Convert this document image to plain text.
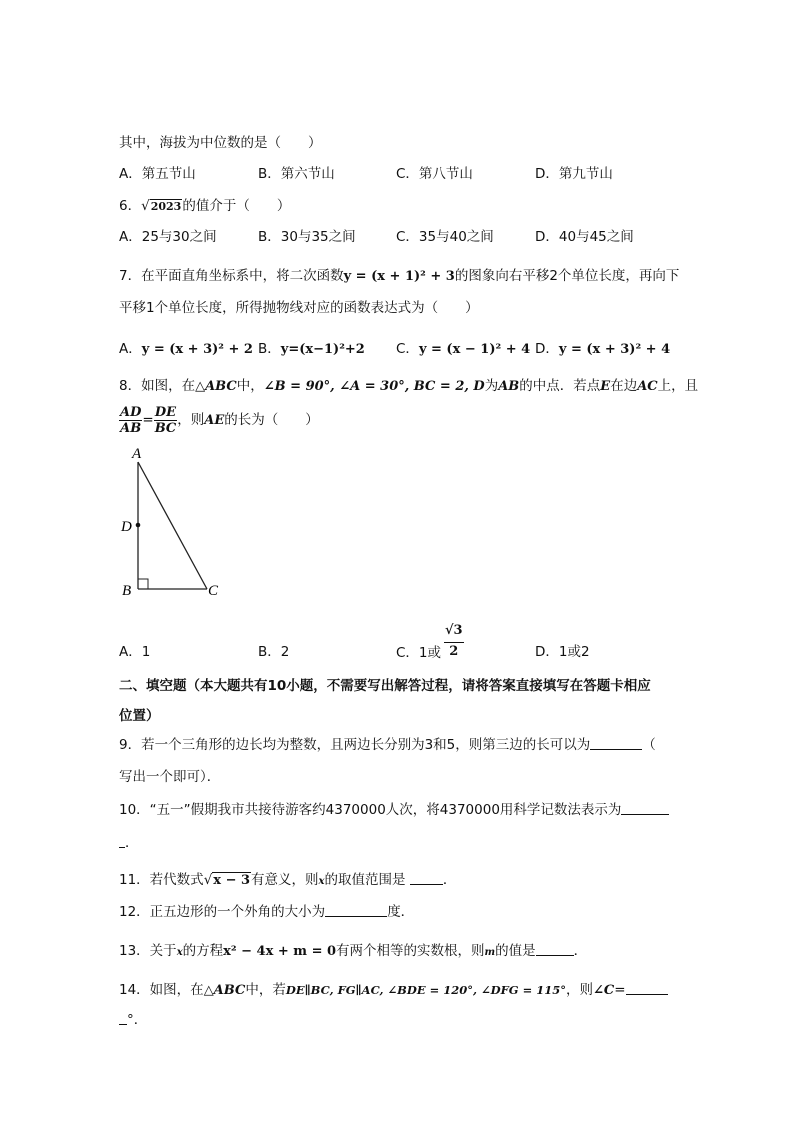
其中，海拔为中位数的是（　　）
A．第五节山	B．第六节山	C．第八节山	D．第九节山
6．√2023的值介于（　　）
A．25与30之间	B．30与35之间	C．35与40之间	D．40与45之间
7．在平面直角坐标系中，将二次函数y = (x + 1)² + 3的图象向右平移2个单位长度，再向下
平移1个单位长度，所得抛物线对应的函数表达式为（　　）
A．y = (x + 3)² + 2 B．y=(x−1)²+2 C．y = (x − 1)² + 4 D．y = (x + 3)² + 4
8．如图，在△ABC中，∠B = 90°, ∠A = 30°, BC = 2, D为AB的中点．若点E在边AC上，且
$\frac{AD}{AB} = \frac{DE}{BC}$ ，则AE的长为（　　）
A
D
B	C
A．1	B．2	C．1或 $\frac{√3}{2}$	D．1或2
二、填空题（本大题共有10小题，不需要写出解答过程，请将答案直接填写在答题卡相应
位置）
9．若一个三角形的边长均为整数，且两边长分别为3和5，则第三边的长可以为	（
写出一个即可）．
10．“五一”假期我市共接待游客约4370000人次，将4370000用科学记数法表示为
．
11．若代数式√x − 3有意义，则x的取值范围是	．
12．正五边形的一个外角的大小为	度．
13．关于x的方程x² − 4x + m = 0有两个相等的实数根，则m的值是	．
14．如图，在△ABC中，若DE∥BC, FG∥AC, ∠BDE = 120°, ∠DFG = 115°，则∠C=
°．
